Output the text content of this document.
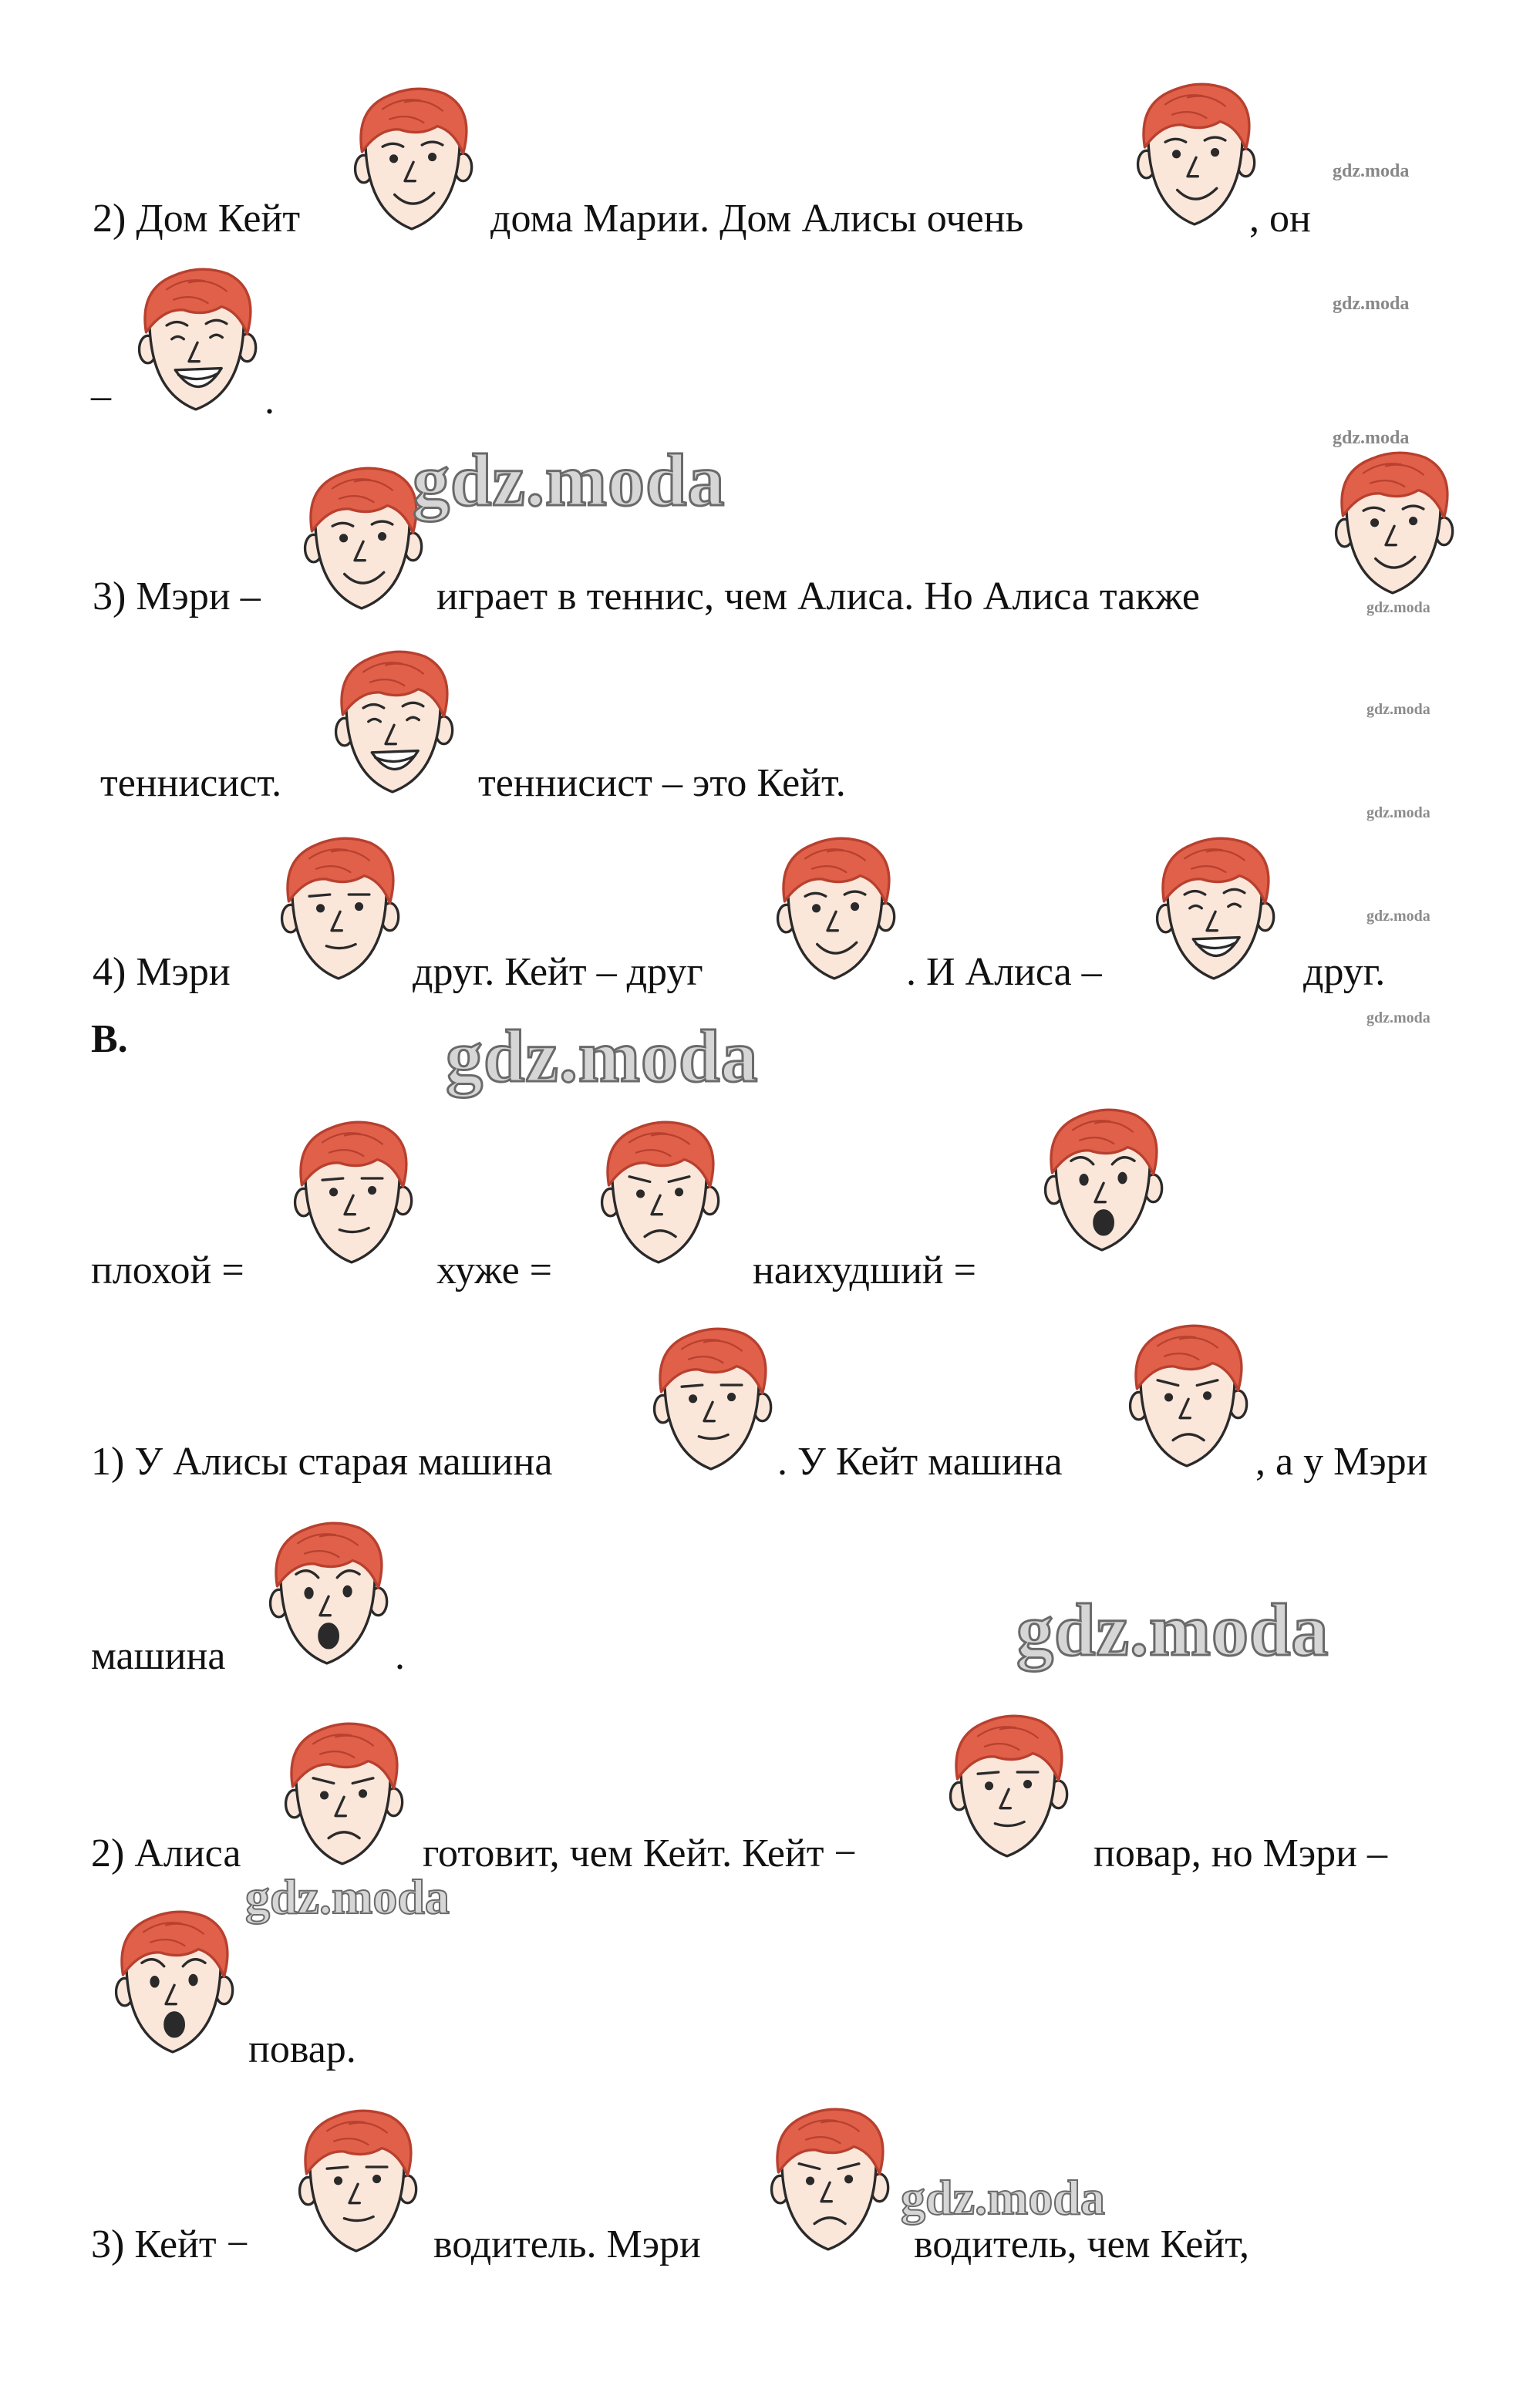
2) Дом Кейт	дома Марии. Дом Алисы очень	, он
–	.
3) Мэри –	играет в теннис, чем Алиса. Но Алиса также
теннисист.	теннисист – это Кейт.
4) Мэри	друг. Кейт – друг	. И Алиса –	друг.
B.
плохой =	хуже =	наихудший =
1) У Алисы старая машина	. У Кейт машина	, а у Мэри
машина	.
2) Алиса	готовит, чем Кейт. Кейт −	повар, но Мэри –
повар.
3) Кейт −	водитель. Мэри	водитель, чем Кейт,
gdz.moda
gdz.moda
gdz.moda
gdz.moda
gdz.moda
gdz.moda
gdz.moda
gdz.moda
gdz.moda
gdz.moda
gdz.moda
gdz.moda
gdz.moda
